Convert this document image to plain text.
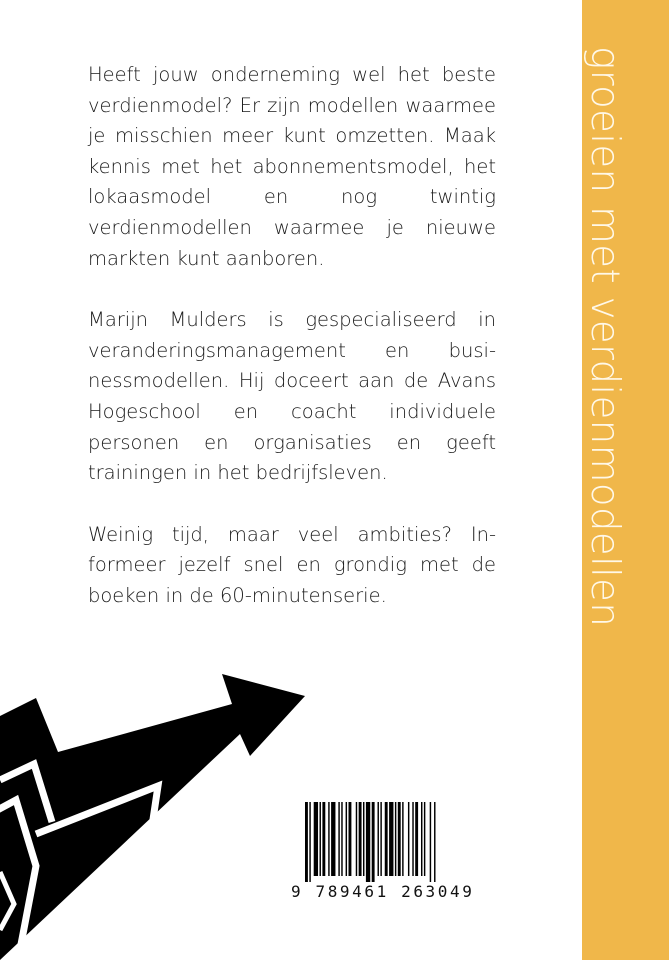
Heeft jouw onderneming wel het beste verdienmodel? Er zijn modellen waarmee je misschien meer kunt omzetten. Maak kennis met het abonnementsmodel, het lokaasmodel en nog twintig verdienmodellen waarmee je nieuwe markten kunt aanboren.

Marijn Mulders is gespecialiseerd in veranderingsmanagement en businessmodellen. Hij doceert aan de Avans Hogeschool en coacht individuele personen en organisaties en geeft trainingen in het bedrijfsleven.

Weinig tijd, maar veel ambities? Informeer jezelf snel en grondig met de boeken in de 60-minutenserie.	groeien met verdienmodellen
9 789461 263049
